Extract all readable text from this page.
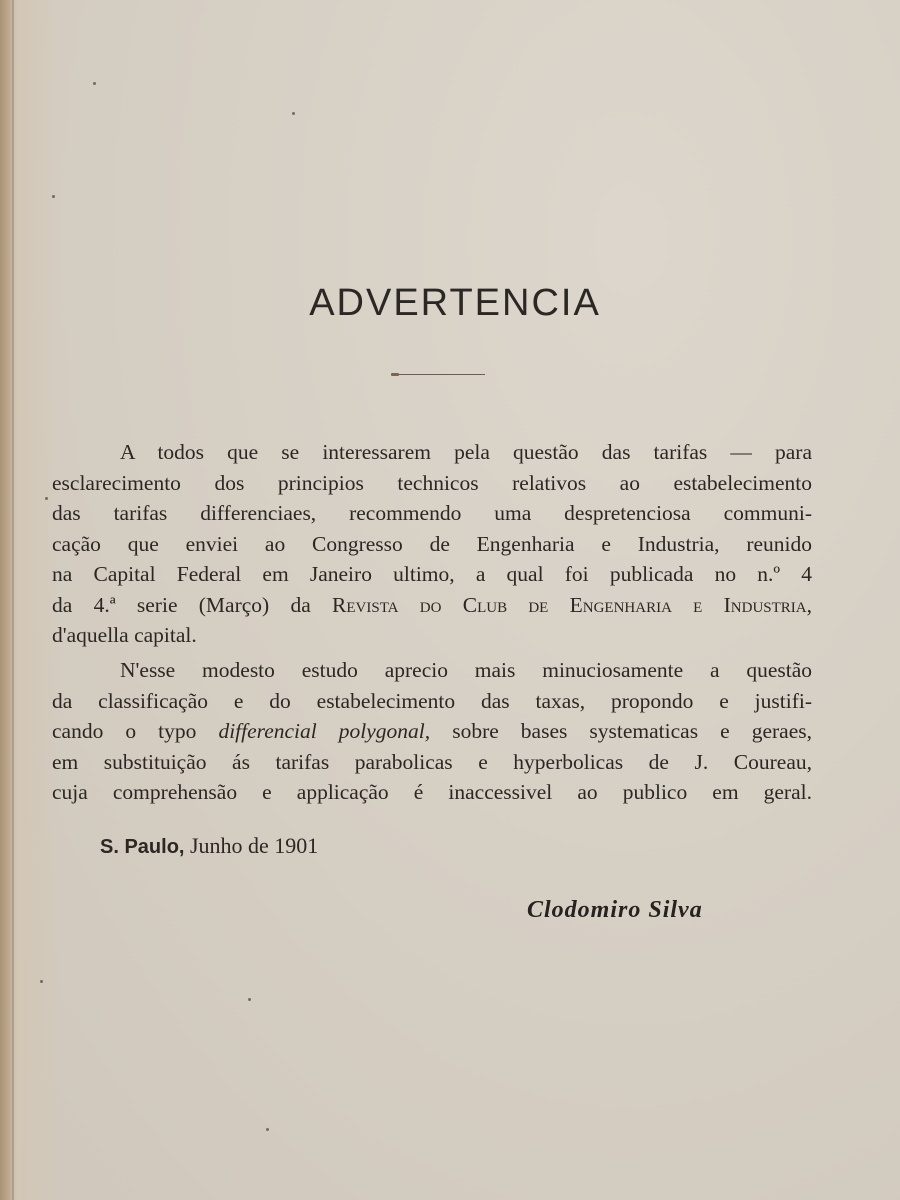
ADVERTENCIA
A todos que se interessarem pela questão das tarifas — para
esclarecimento dos principios technicos relativos ao estabelecimento
das tarifas differenciaes, recommendo uma despretenciosa communi-
cação que enviei ao Congresso de Engenharia e Industria, reunido
na Capital Federal em Janeiro ultimo, a qual foi publicada no n.º 4
da 4.ª serie (Março) da Revista do Club de Engenharia e Industria,
d'aquella capital.
N'esse modesto estudo aprecio mais minuciosamente a questão
da classificação e do estabelecimento das taxas, propondo e justifi-
cando o typo differencial polygonal, sobre bases systematicas e geraes,
em substituição ás tarifas parabolicas e hyperbolicas de J. Coureau,
cuja comprehensão e applicação é inaccessivel ao publico em geral.
S. Paulo, Junho de 1901
Clodomiro Silva
